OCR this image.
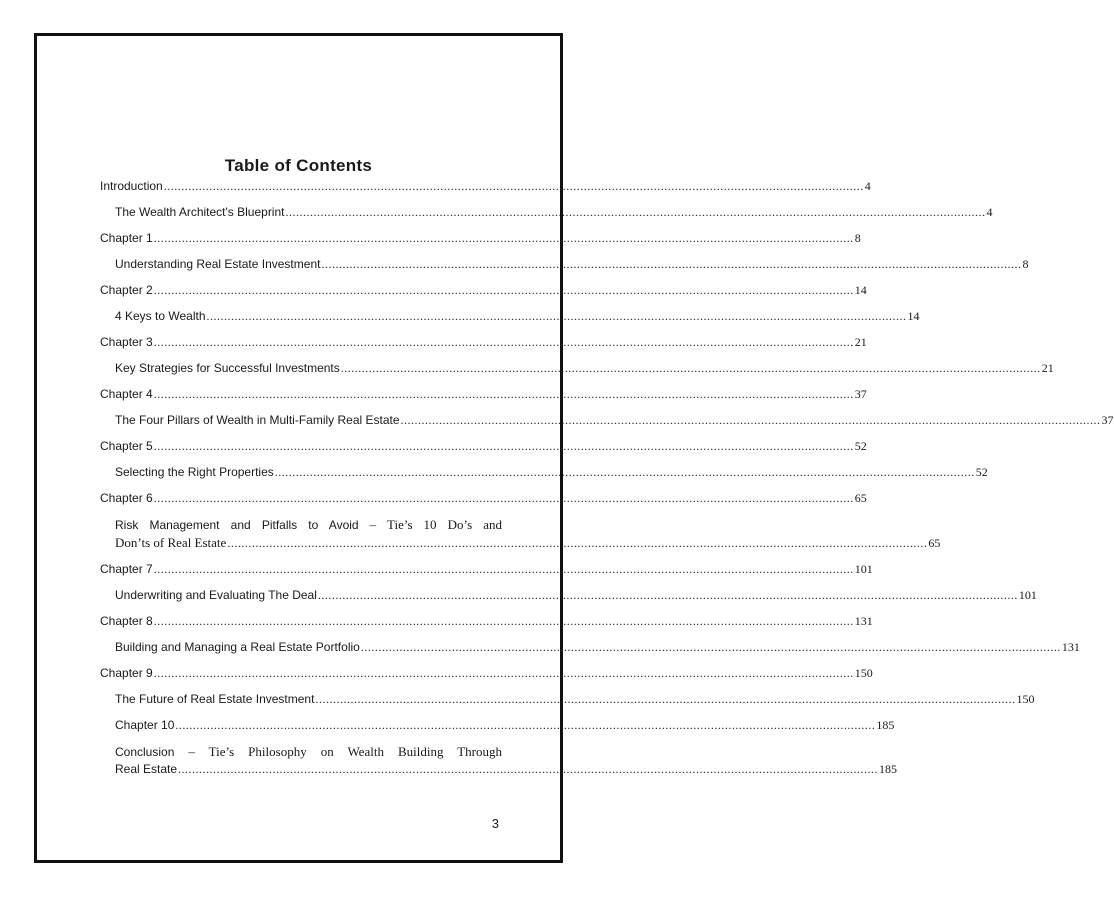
Table of Contents
Introduction ........................................................................................................................................................................................................ 4
The Wealth Architect's Blueprint ........................................................................................................................................................................................................ 4
Chapter 1 ........................................................................................................................................................................................................ 8
Understanding Real Estate Investment ........................................................................................................................................................................................................ 8
Chapter 2 ........................................................................................................................................................................................................ 14
4 Keys to Wealth ........................................................................................................................................................................................................ 14
Chapter 3 ........................................................................................................................................................................................................ 21
Key Strategies for Successful Investments ........................................................................................................................................................................................................ 21
Chapter 4 ........................................................................................................................................................................................................ 37
The Four Pillars of Wealth in Multi-Family Real Estate ........................................................................................................................................................................................................ 37
Chapter 5 ........................................................................................................................................................................................................ 52
Selecting the Right Properties ........................................................................................................................................................................................................ 52
Chapter 6 ........................................................................................................................................................................................................ 65
Risk Management and Pitfalls to Avoid – Tie’s 10 Do’s and
Don’ts of Real Estate ........................................................................................................................................................................................................ 65
Chapter 7 ........................................................................................................................................................................................................ 101
Underwriting and Evaluating The Deal ........................................................................................................................................................................................................ 101
Chapter 8 ........................................................................................................................................................................................................ 131
Building and Managing a Real Estate Portfolio ........................................................................................................................................................................................................ 131
Chapter 9 ........................................................................................................................................................................................................ 150
The Future of Real Estate Investment ........................................................................................................................................................................................................ 150
Chapter 10 ........................................................................................................................................................................................................ 185
Conclusion – Tie’s Philosophy on Wealth Building Through
Real Estate ........................................................................................................................................................................................................ 185
3
